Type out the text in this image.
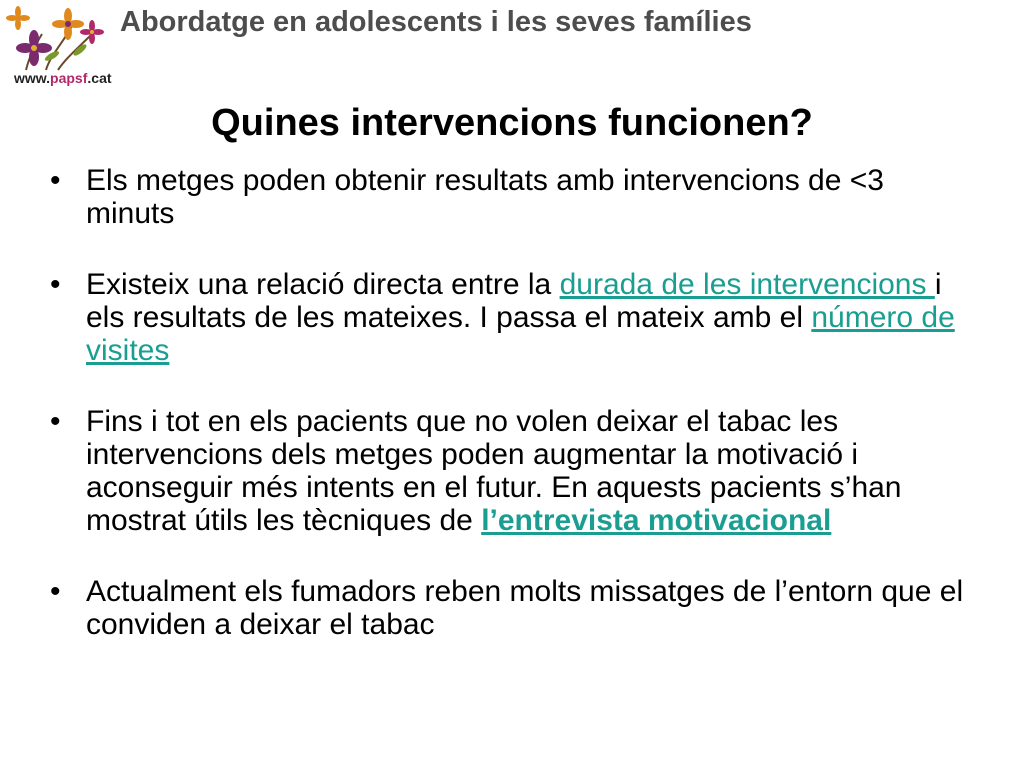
www.papsf.cat
Abordatge en adolescents i les seves famílies
Quines intervencions funcionen?
• Els metges poden obtenir resultats amb intervencions de <3 minuts
• Existeix una relació directa entre la durada de les intervencions i els resultats de les mateixes. I passa el mateix amb el número de visites
• Fins i tot en els pacients que no volen deixar el tabac les intervencions dels metges poden augmentar la motivació i aconseguir més intents en el futur. En aquests pacients s’han mostrat útils les tècniques de l’entrevista motivacional
• Actualment els fumadors reben molts missatges de l’entorn que el conviden a deixar el tabac
